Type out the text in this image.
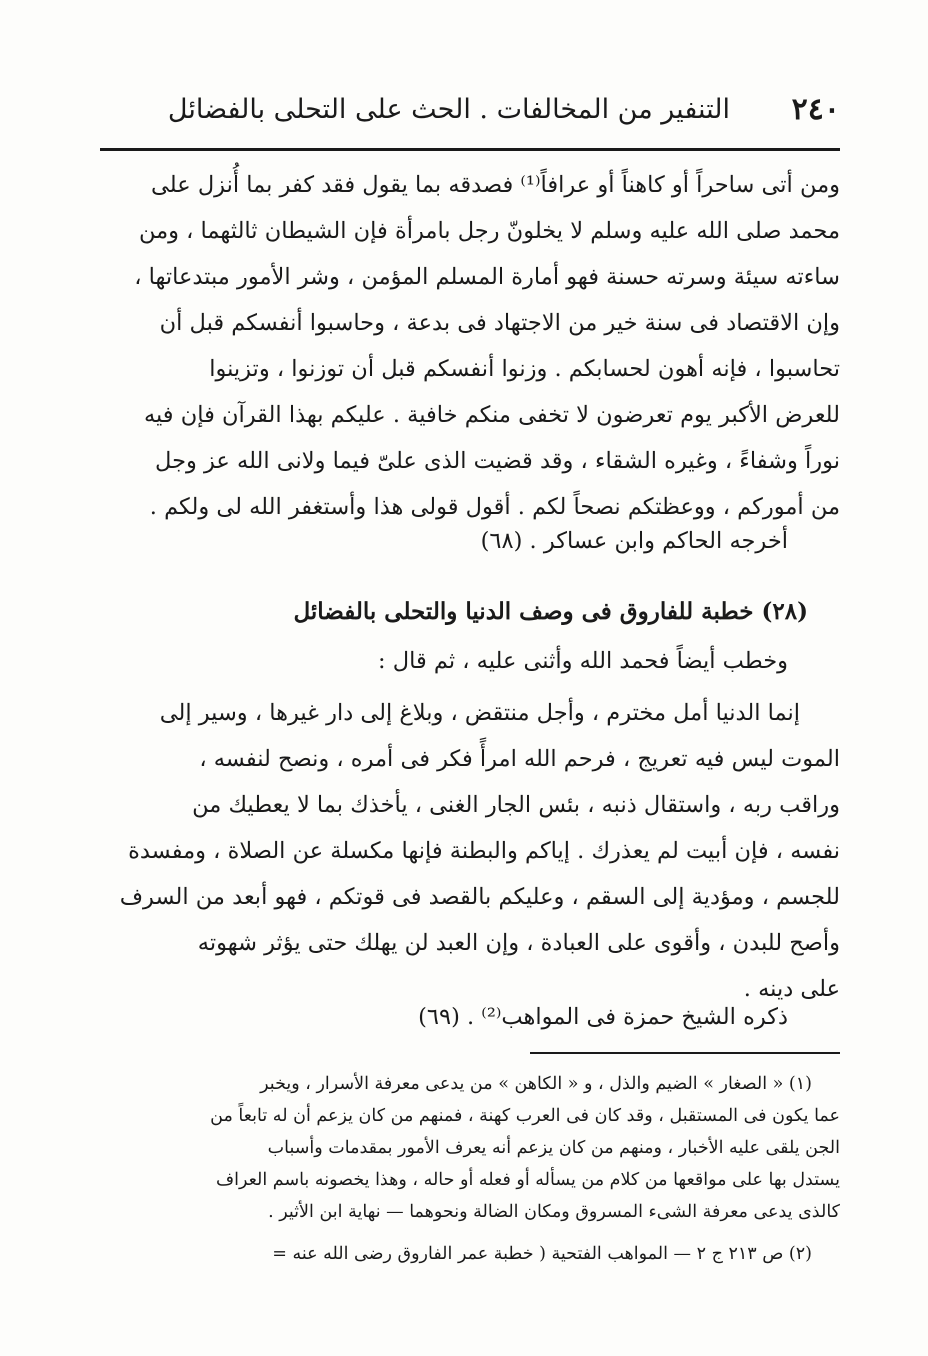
٢٤٠
التنفير من المخالفات . الحث على التحلى بالفضائل
ومن أتى ساحراً أو كاهناً أو عرافاً⁽¹⁾ فصدقه بما يقول فقد كفر بما أُنزل على
محمد صلى الله عليه وسلم لا يخلونّ رجل بامرأة فإن الشيطان ثالثهما ، ومن
ساءته سيئة وسرته حسنة فهو أمارة المسلم المؤمن ، وشر الأمور مبتدعاتها ،
وإن الاقتصاد فى سنة خير من الاجتهاد فى بدعة ، وحاسبوا أنفسكم قبل أن
تحاسبوا ، فإنه أهون لحسابكم . وزنوا أنفسكم قبل أن توزنوا ، وتزينوا
للعرض الأكبر يوم تعرضون لا تخفى منكم خافية . عليكم بهذا القرآن فإن فيه
نوراً وشفاءً ، وغيره الشقاء ، وقد قضيت الذى علىّ فيما ولانى الله عز وجل
من أموركم ، ووعظتكم نصحاً لكم . أقول قولى هذا وأستغفر الله لى ولكم .
أخرجه الحاكم وابن عساكر . (٦٨)
(٢٨) خطبة للفاروق فى وصف الدنيا والتحلى بالفضائل
وخطب أيضاً فحمد الله وأثنى عليه ، ثم قال :
إنما الدنيا أمل مخترم ، وأجل منتقض ، وبلاغ إلى دار غيرها ، وسير إلى
الموت ليس فيه تعريج ، فرحم الله امرأً فكر فى أمره ، ونصح لنفسه ،
وراقب ربه ، واستقال ذنبه ، بئس الجار الغنى ، يأخذك بما لا يعطيك من
نفسه ، فإن أبيت لم يعذرك . إياكم والبطنة فإنها مكسلة عن الصلاة ، ومفسدة
للجسم ، ومؤدية إلى السقم ، وعليكم بالقصد فى قوتكم ، فهو أبعد من السرف
وأصح للبدن ، وأقوى على العبادة ، وإن العبد لن يهلك حتى يؤثر شهوته
على دينه .
ذكره الشيخ حمزة فى المواهب⁽²⁾ . (٦٩)
(١) « الصغار » الضيم والذل ، و « الكاهن » من يدعى معرفة الأسرار ، ويخبر
عما يكون فى المستقبل ، وقد كان فى العرب كهنة ، فمنهم من كان يزعم أن له تابعاً من
الجن يلقى عليه الأخبار ، ومنهم من كان يزعم أنه يعرف الأمور بمقدمات وأسباب
يستدل بها على مواقعها من كلام من يسأله أو فعله أو حاله ، وهذا يخصونه باسم العراف
كالذى يدعى معرفة الشىء المسروق ومكان الضالة ونحوهما — نهاية ابن الأثير .
(٢) ص ٢١٣ ج ٢ — المواهب الفتحية ( خطبة عمر الفاروق رضى الله عنه =
